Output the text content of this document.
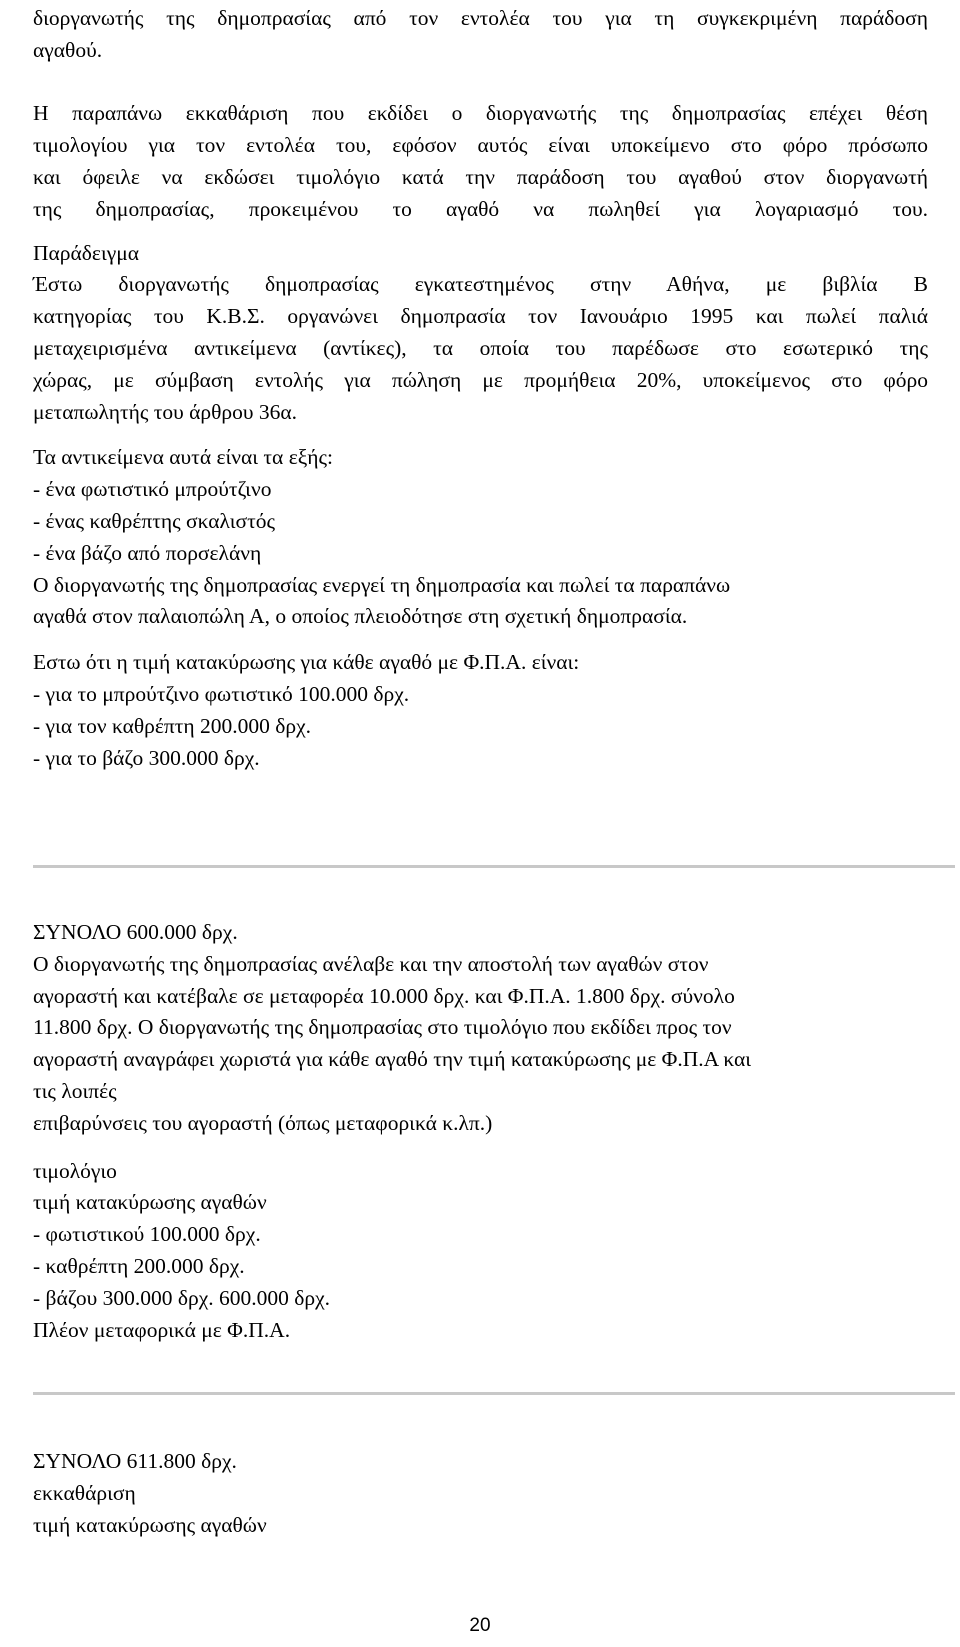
διοργανωτής της δημοπρασίας από τον εντολέα του για τη συγκεκριμένη παράδοση
αγαθού.
Η παραπάνω εκκαθάριση που εκδίδει ο διοργανωτής της δημοπρασίας επέχει θέση
τιμολογίου για τον εντολέα του, εφόσον αυτός είναι υποκείμενο στο φόρο πρόσωπο
και όφειλε να εκδώσει τιμολόγιο κατά την παράδοση του αγαθού στον διοργανωτή
της δημοπρασίας, προκειμένου το αγαθό να πωληθεί για λογαριασμό του.
Παράδειγμα
Έστω διοργανωτής δημοπρασίας εγκατεστημένος στην Αθήνα, με βιβλία Β
κατηγορίας του Κ.Β.Σ. οργανώνει δημοπρασία τον Ιανουάριο 1995 και πωλεί παλιά
μεταχειρισμένα αντικείμενα (αντίκες), τα οποία του παρέδωσε στο εσωτερικό της
χώρας, με σύμβαση εντολής για πώληση με προμήθεια 20%, υποκείμενος στο φόρο
μεταπωλητής του άρθρου 36α.
Τα αντικείμενα αυτά είναι τα εξής:
- ένα φωτιστικό μπρούτζινο
- ένας καθρέπτης σκαλιστός
- ένα βάζο από πορσελάνη
Ο διοργανωτής της δημοπρασίας ενεργεί τη δημοπρασία και πωλεί τα παραπάνω
αγαθά στον παλαιοπώλη Α, ο οποίος πλειοδότησε στη σχετική δημοπρασία.
Εστω ότι η τιμή κατακύρωσης για κάθε αγαθό με Φ.Π.Α. είναι:
- για το μπρούτζινο φωτιστικό 100.000 δρχ.
- για τον καθρέπτη 200.000 δρχ.
- για το βάζο 300.000 δρχ.
ΣΥΝΟΛΟ 600.000 δρχ.
Ο διοργανωτής της δημοπρασίας ανέλαβε και την αποστολή των αγαθών στον
αγοραστή και κατέβαλε σε μεταφορέα 10.000 δρχ. και Φ.Π.Α. 1.800 δρχ. σύνολο
11.800 δρχ. Ο διοργανωτής της δημοπρασίας στο τιμολόγιο που εκδίδει προς τον
αγοραστή αναγράφει χωριστά για κάθε αγαθό την τιμή κατακύρωσης με Φ.Π.Α και
τις λοιπές
επιβαρύνσεις του αγοραστή (όπως μεταφορικά κ.λπ.)
τιμολόγιο
τιμή κατακύρωσης αγαθών
- φωτιστικού 100.000 δρχ.
- καθρέπτη 200.000 δρχ.
- βάζου 300.000 δρχ. 600.000 δρχ.
Πλέον μεταφορικά με Φ.Π.Α.
ΣΥΝΟΛΟ 611.800 δρχ.
εκκαθάριση
τιμή κατακύρωσης αγαθών
20
